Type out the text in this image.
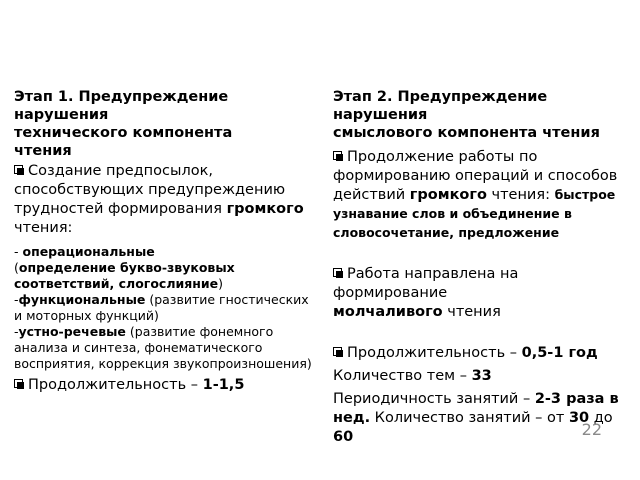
Этап 1. Предупреждение нарушения
технического компонента
чтения
Создание предпосылок, способствующих предупреждению трудностей формирования громкого чтения:
- операциональные
(определение букво-звуковых соответствий, слогослияние)
-функциональные (развитие гностических и моторных функций)
-устно-речевые (развитие фонемного анализа и синтеза, фонематического восприятия, коррекция звукопроизношения)
Продолжительность – 1-1,5
Этап 2. Предупреждение нарушения
смыслового компонента чтения
Продолжение работы по формированию операций и способов действий громкого чтения: быстрое узнавание слов и объединение в словосочетание, предложение
Работа направлена на формирование
молчаливого чтения
Продолжительность – 0,5-1 год
Количество тем – 33
Периодичность занятий – 2-3 раза в нед. Количество занятий – от 30 до 60	22
